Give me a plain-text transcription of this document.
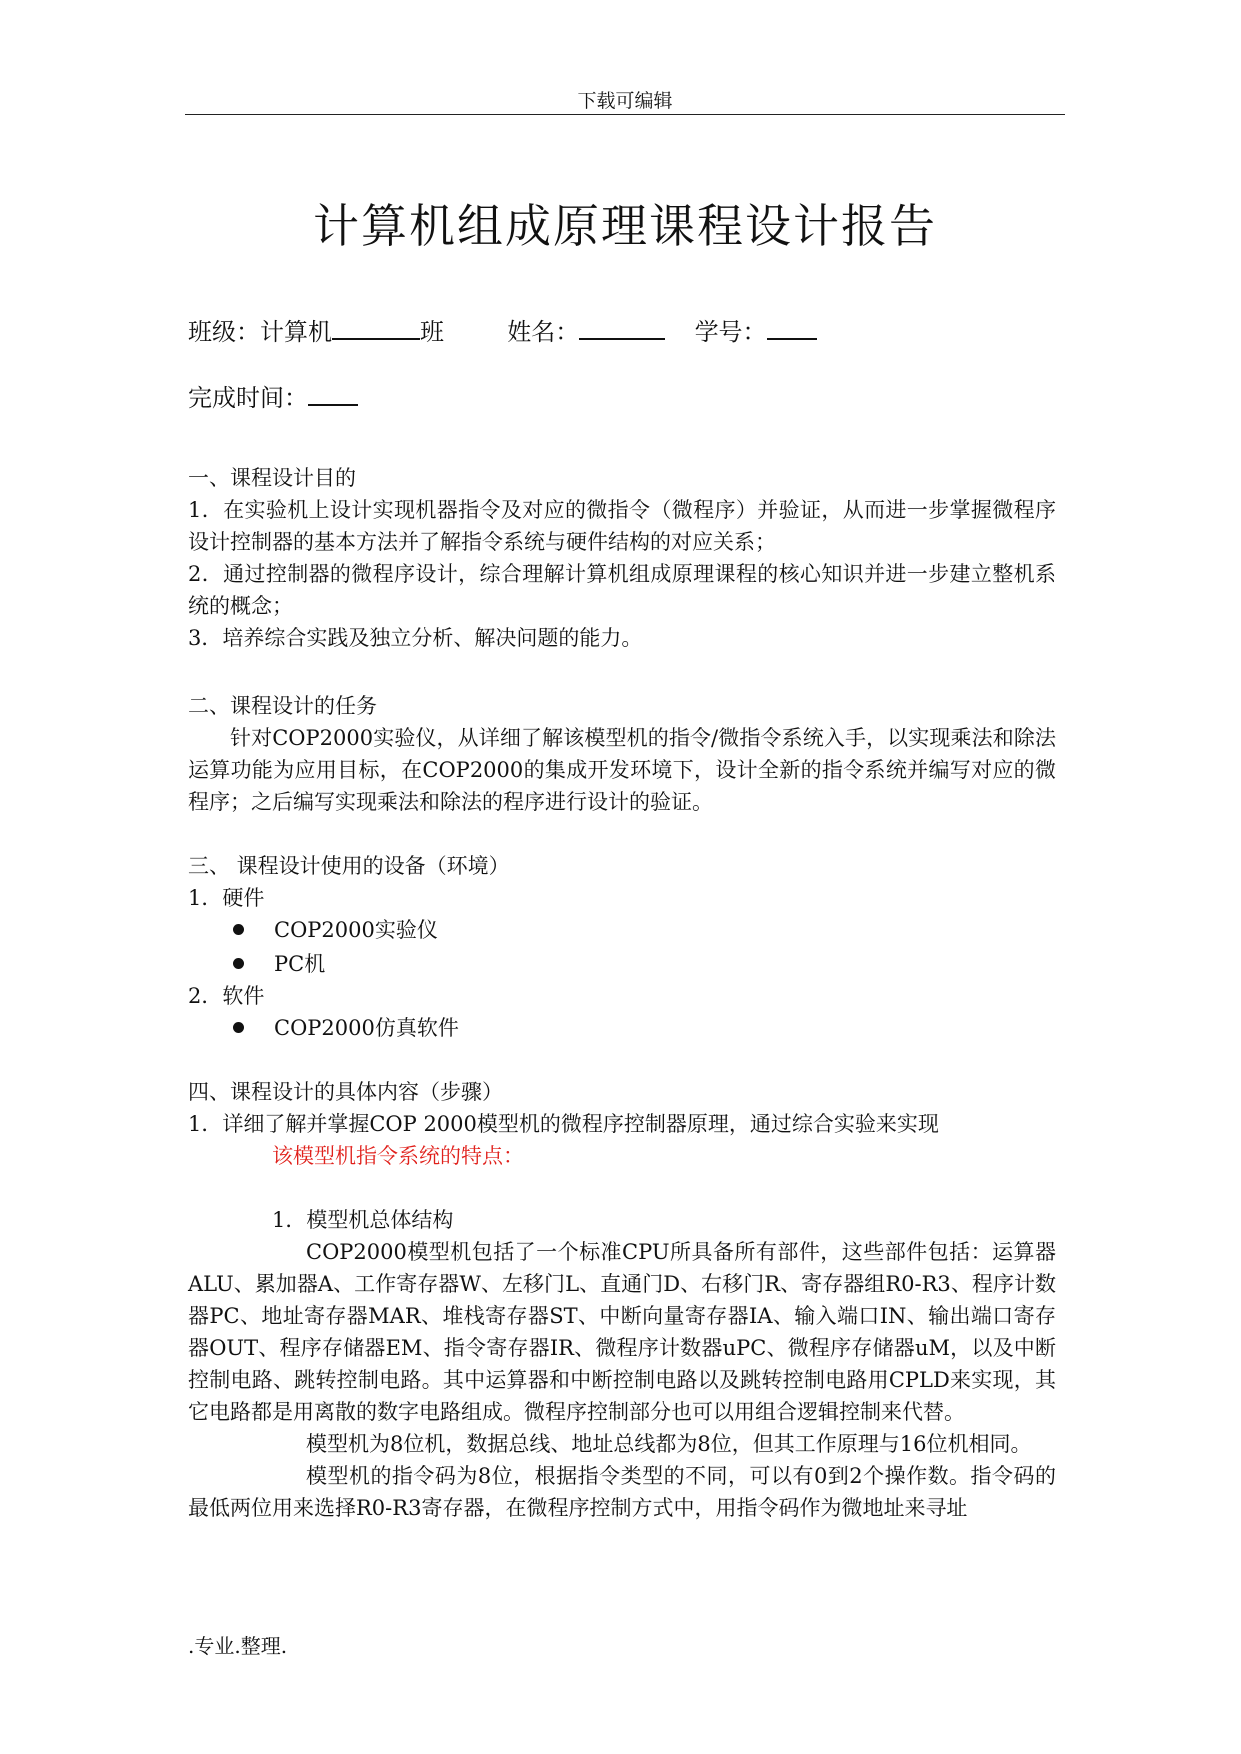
下载可编辑
计算机组成原理课程设计报告
班级：计算机	班	姓名：	学号：
完成时间：
一、课程设计目的

1．在实验机上设计实现机器指令及对应的微指令（微程序）并验证，从而进一步掌握微程序设计控制器的基本方法并了解指令系统与硬件结构的对应关系；

2．通过控制器的微程序设计，综合理解计算机组成原理课程的核心知识并进一步建立整机系统的概念；

3．培养综合实践及独立分析、解决问题的能力。

二、课程设计的任务

针对COP2000实验仪，从详细了解该模型机的指令/微指令系统入手，以实现乘法和除法运算功能为应用目标，在COP2000的集成开发环境下，设计全新的指令系统并编写对应的微程序；之后编写实现乘法和除法的程序进行设计的验证。

三、 课程设计使用的设备（环境）
1．硬件
COP2000实验仪
PC机
2．软件
COP2000仿真软件
四、课程设计的具体内容（步骤）
1．详细了解并掌握COP 2000模型机的微程序控制器原理，通过综合实验来实现
该模型机指令系统的特点：
1．模型机总体结构

COP2000模型机包括了一个标准CPU所具备所有部件，这些部件包括：运算器ALU、累加器A、工作寄存器W、左移门L、直通门D、右移门R、寄存器组R0-R3、程序计数器PC、地址寄存器MAR、堆栈寄存器ST、中断向量寄存器IA、输入端口IN、输出端口寄存器OUT、程序存储器EM、指令寄存器IR、微程序计数器uPC、微程序存储器uM，以及中断控制电路、跳转控制电路。其中运算器和中断控制电路以及跳转控制电路用CPLD来实现，其它电路都是用离散的数字电路组成。微程序控制部分也可以用组合逻辑控制来代替。

模型机为8位机，数据总线、地址总线都为8位，但其工作原理与16位机相同。

模型机的指令码为8位，根据指令类型的不同，可以有0到2个操作数。指令码的最低两位用来选择R0-R3寄存器，在微程序控制方式中，用指令码作为微地址来寻址

.专业.整理.
